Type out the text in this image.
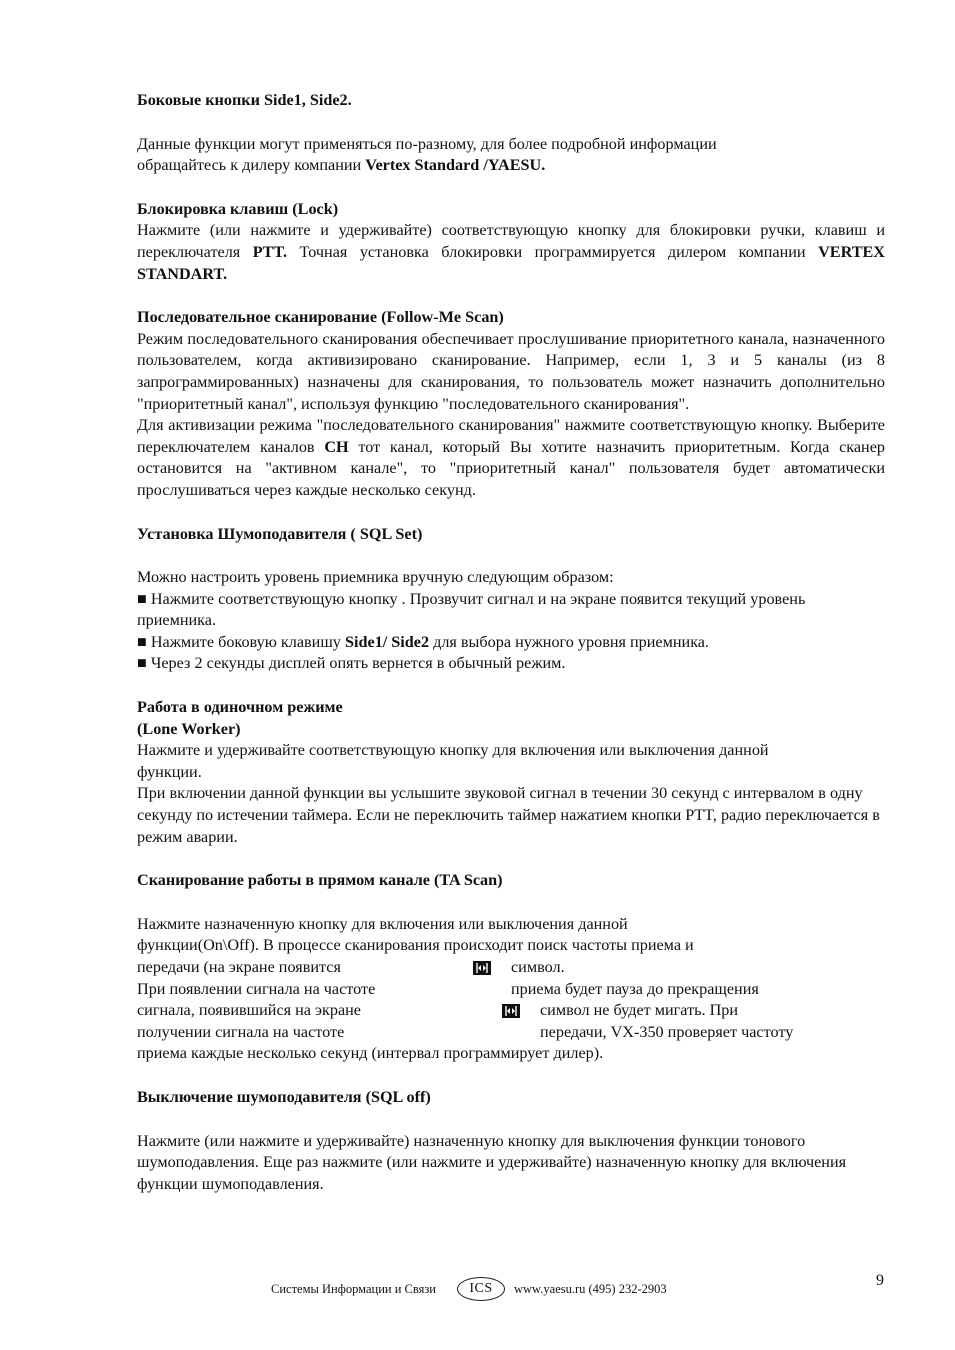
Боковые кнопки Side1, Side2.

Данные функции могут применяться по-разному, для более подробной информации

обращайтесь к дилеру компании Vertex Standard /YAESU.

Блокировка клавиш (Lock)

Нажмите (или нажмите и удерживайте) соответствующую кнопку для блокировки ручки, клавиш и переключателя PTT. Точная установка блокировки программируется дилером компании VERTEX STANDART.

Последовательное сканирование (Follow-Me Scan)

Режим последовательного сканирования обеспечивает прослушивание приоритетного канала, назначенного пользователем, когда активизировано сканирование. Например, если 1, 3 и 5 каналы (из 8 запрограммированных) назначены для сканирования, то пользователь может назначить дополнительно "приоритетный канал", используя функцию "последовательного сканирования".

Для активизации режима "последовательного сканирования" нажмите соответствующую кнопку. Выберите переключателем каналов CH тот канал, который Вы хотите назначить приоритетным. Когда сканер остановится на "активном канале", то "приоритетный канал" пользователя будет автоматически прослушиваться через каждые несколько секунд.

Установка Шумоподавителя ( SQL Set)

Можно настроить уровень приемника вручную следующим образом:

■ Нажмите соответствующую кнопку . Прозвучит сигнал и на экране появится текущий уровень приемника.

■ Нажмите боковую клавишу Side1/ Side2 для выбора нужного уровня приемника.

■ Через 2 секунды дисплей опять вернется в обычный режим.

Работа в одиночном режиме
(Lone Worker)

Нажмите и удерживайте соответствующую кнопку для включения или выключения данной функции.

При включении данной функции вы услышите звуковой сигнал в течении 30 секунд с интервалом в одну секунду по истечении таймера. Если не переключить таймер нажатием кнопки PTT, радио переключается в режим аварии.

Сканирование работы в прямом канале (TA Scan)

Нажмите назначенную кнопку для включения или выключения данной

функции(On\Off). В процессе сканирования происходит поиск частоты приема и

передачи (на экране появится	символ.
При появлении сигнала на частоте	приема будет пауза до прекращения
сигнала, появившийся на экране	символ не будет мигать. При
получении сигнала на частоте	передачи, VX-350 проверяет частоту

приема каждые несколько секунд (интервал программирует дилер).

Выключение шумоподавителя (SQL off)

Нажмите (или нажмите и удерживайте) назначенную кнопку для выключения функции тонового шумоподавления. Еще раз нажмите (или нажмите и удерживайте) назначенную кнопку для включения функции шумоподавления.

Системы Информации и Связи	ICS	www.yaesu.ru (495) 232-2903	9
